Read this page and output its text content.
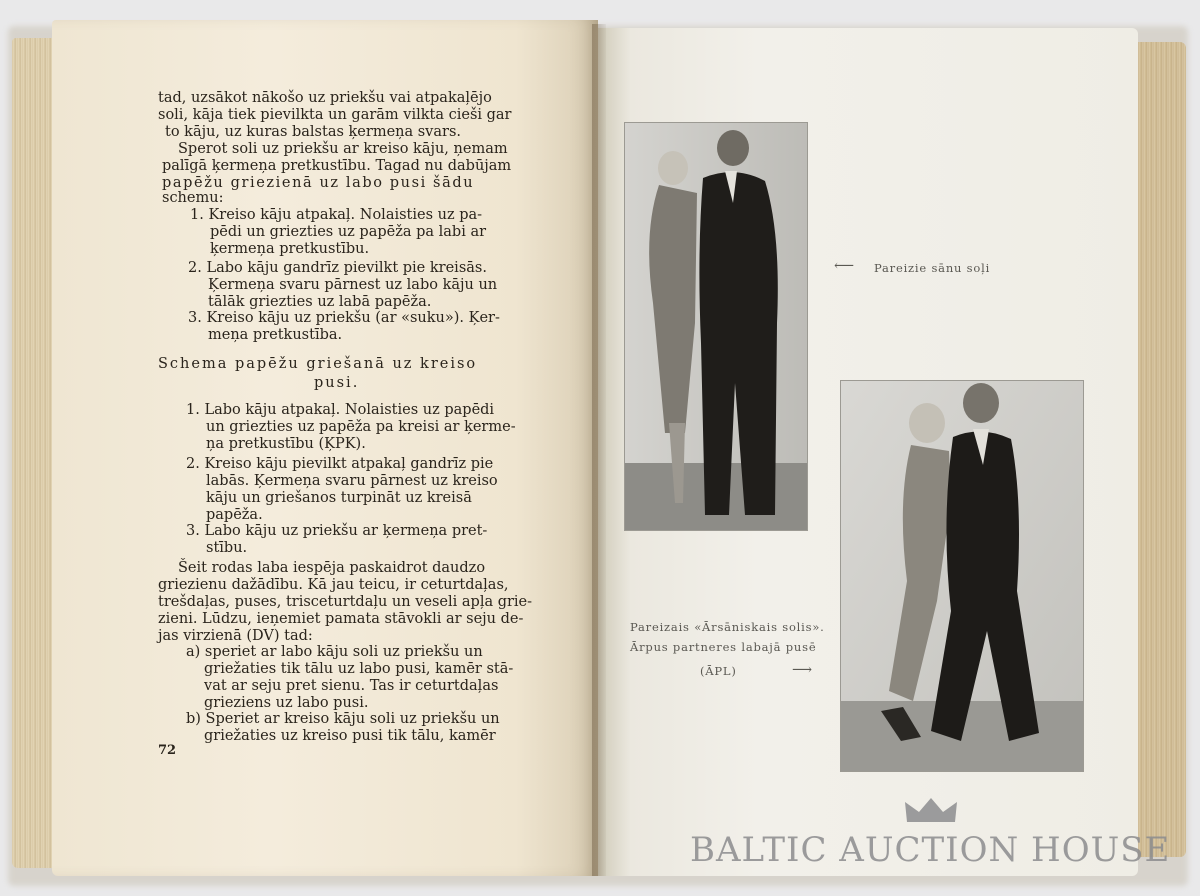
tad, uzsākot nākošo uz priekšu vai atpakaļējo

soli, kāja tiek pievilkta un garām vilkta cieši gar

to kāju, uz kuras balstas ķermeņa svars.

Sperot soli uz priekšu ar kreiso kāju, ņemam

palīgā ķermeņa pretkustību. Tagad nu dabūjam

papēžu griezienā uz labo pusi šādu

schemu:

1. Kreiso kāju atpakaļ. Nolaisties uz pa-

pēdi un griezties uz papēža pa labi ar

ķermeņa pretkustību.

2. Labo kāju gandrīz pievilkt pie kreisās.

Ķermeņa svaru pārnest uz labo kāju un

tālāk griezties uz labā papēža.

3. Kreiso kāju uz priekšu (ar «suku»). Ķer-

meņa pretkustība.

Schema papēžu griešanā uz kreiso

pusi.

1. Labo kāju atpakaļ. Nolaisties uz papēdi

un griezties uz papēža pa kreisi ar ķerme-

ņa pretkustību (ĶPK).

2. Kreiso kāju pievilkt atpakaļ gandrīz pie

labās. Ķermeņa svaru pārnest uz kreiso

kāju un griešanos turpināt uz kreisā

papēža.

3. Labo kāju uz priekšu ar ķermeņa pret-

stību.

Šeit rodas laba iespēja paskaidrot daudzo

griezienu dažādību. Kā jau teicu, ir ceturtdaļas,

trešdaļas, puses, trisceturtdaļu un veseli apļa grie-

zieni. Lūdzu, ieņemiet pamata stāvokli ar seju de-

jas virzienā (DV) tad:

a) speriet ar labo kāju soli uz priekšu un

griežaties tik tālu uz labo pusi, kamēr stā-

vat ar seju pret sienu. Tas ir ceturtdaļas

grieziens uz labo pusi.

b) Speriet ar kreiso kāju soli uz priekšu un

griežaties uz kreiso pusi tik tālu, kamēr

72
⟵ Pareizie sānu soļi

Pareizais «Ārsāniskais solis».

Ārpus partneres labajā pusē

(ĀPL)	⟶
BALTIC AUCTION HOUSE
